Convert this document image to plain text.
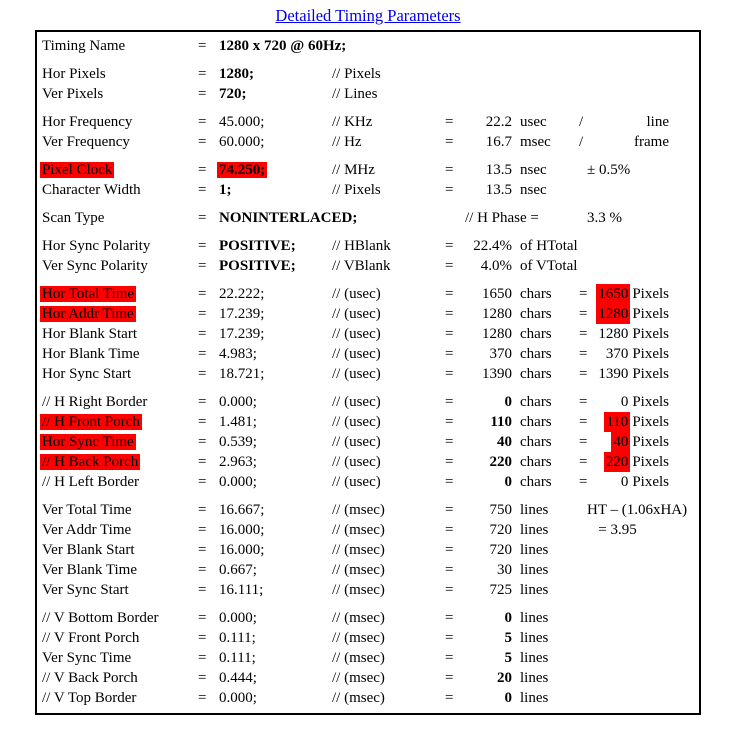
Detailed Timing Parameters
Timing Name	= 1280 x 720 @ 60Hz;
Hor Pixels	= 1280;	// Pixels
Ver Pixels	= 720;	// Lines
Hor Frequency	= 45.000;	// KHz	=	22.2 usec	/	line
Ver Frequency	= 60.000;	// Hz	=	16.7 msec	/	frame
Pixel Clock	= 74.250;	// MHz	=	13.5 nsec	± 0.5%
Character Width	= 1;	// Pixels	=	13.5 nsec
Scan Type	= NONINTERLACED;	// H Phase =	3.3 %
Hor Sync Polarity	= POSITIVE;	// HBlank	=	22.4% of HTotal
Ver Sync Polarity	= POSITIVE;	// VBlank	=	4.0% of VTotal
Hor Total Time	= 22.222;	// (usec)	=	1650 chars	= 1650 Pixels
Hor Addr Time	= 17.239;	// (usec)	=	1280 chars	= 1280 Pixels
Hor Blank Start	= 17.239;	// (usec)	=	1280 chars	= 1280 Pixels
Hor Blank Time	= 4.983;	// (usec)	=	370 chars	=	370 Pixels
Hor Sync Start	= 18.721;	// (usec)	=	1390 chars	= 1390 Pixels
// H Right Border	= 0.000;	// (usec)	=	0 chars	=	0 Pixels
// H Front Porch	= 1.481;	// (usec)	=	110 chars	=	110 Pixels
Hor Sync Time	= 0.539;	// (usec)	=	40 chars	=	40 Pixels
// H Back Porch	= 2.963;	// (usec)	=	220 chars	=	220 Pixels
// H Left Border	= 0.000;	// (usec)	=	0 chars	=	0 Pixels
Ver Total Time	= 16.667;	// (msec)	=	750 lines	HT – (1.06xHA)
Ver Addr Time	= 16.000;	// (msec)	=	720 lines	= 3.95
Ver Blank Start	= 16.000;	// (msec)	=	720 lines
Ver Blank Time	= 0.667;	// (msec)	=	30 lines
Ver Sync Start	= 16.111;	// (msec)	=	725 lines
// V Bottom Border	= 0.000;	// (msec)	=	0 lines
// V Front Porch	= 0.111;	// (msec)	=	5 lines
Ver Sync Time	= 0.111;	// (msec)	=	5 lines
// V Back Porch	= 0.444;	// (msec)	=	20 lines
// V Top Border	= 0.000;	// (msec)	=	0 lines
